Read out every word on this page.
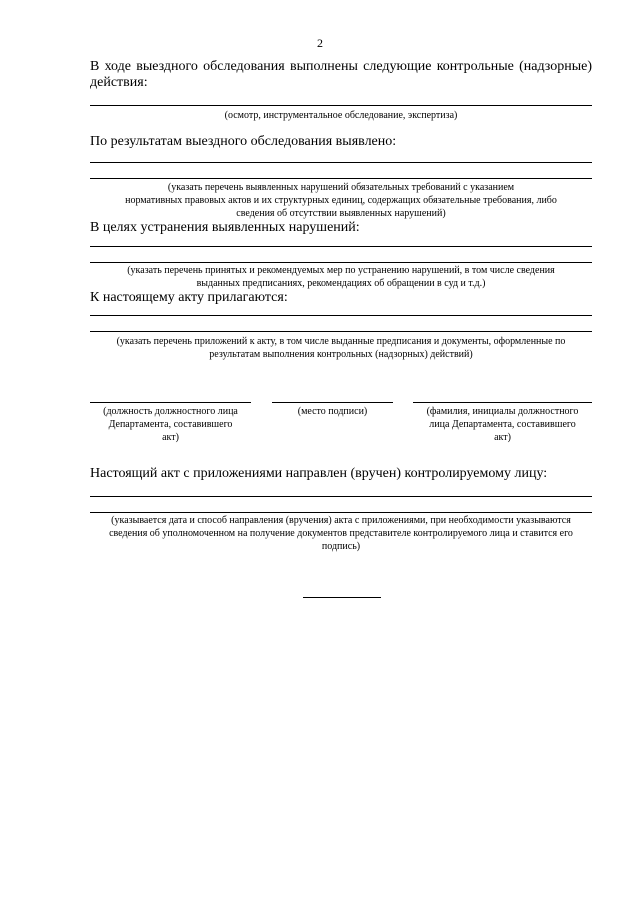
2
В ходе выездного обследования выполнены следующие контрольные (надзорные) действия:
(осмотр, инструментальное обследование, экспертиза)
По результатам выездного обследования выявлено:
(указать перечень выявленных нарушений обязательных требований с указанием
нормативных правовых актов и их структурных единиц, содержащих обязательные требования, либо
сведения об отсутствии выявленных нарушений)
В целях устранения выявленных нарушений:
(указать перечень принятых и рекомендуемых мер по устранению нарушений, в том числе сведения
выданных предписаниях, рекомендациях об обращении в суд и т.д.)
К настоящему акту прилагаются:
(указать перечень приложений к акту, в том числе выданные предписания и документы, оформленные по
результатам выполнения контрольных (надзорных) действий)
(должность должностного лица
Департамента, составившего
акт)
(место подписи)	(фамилия, инициалы должностного
лица Департамента, составившего
акт)
Настоящий акт с приложениями направлен (вручен) контролируемому лицу:
(указывается дата и способ направления (вручения) акта с приложениями, при необходимости указываются
сведения об уполномоченном на получение документов представителе контролируемого лица и ставится его
подпись)
